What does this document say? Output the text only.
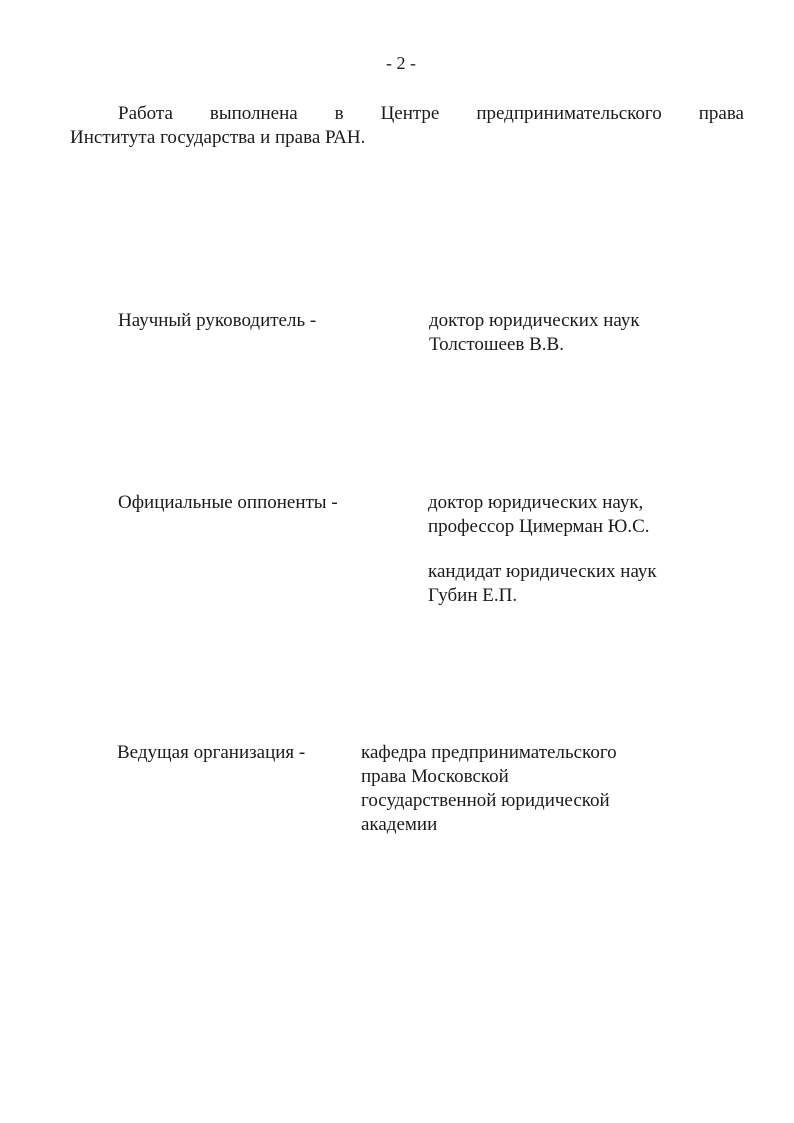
- 2 -
Работа выполнена в Центре предпринимательского права
Института государства и права РАН.
Научный руководитель -	доктор юридических наук
Толстошеев В.В.
Официальные оппоненты -	доктор юридических наук,
профессор Цимерман Ю.С.
кандидат юридических наук
Губин Е.П.
Ведущая организация -	кафедра предпринимательского
права Московской
государственной юридической
академии
